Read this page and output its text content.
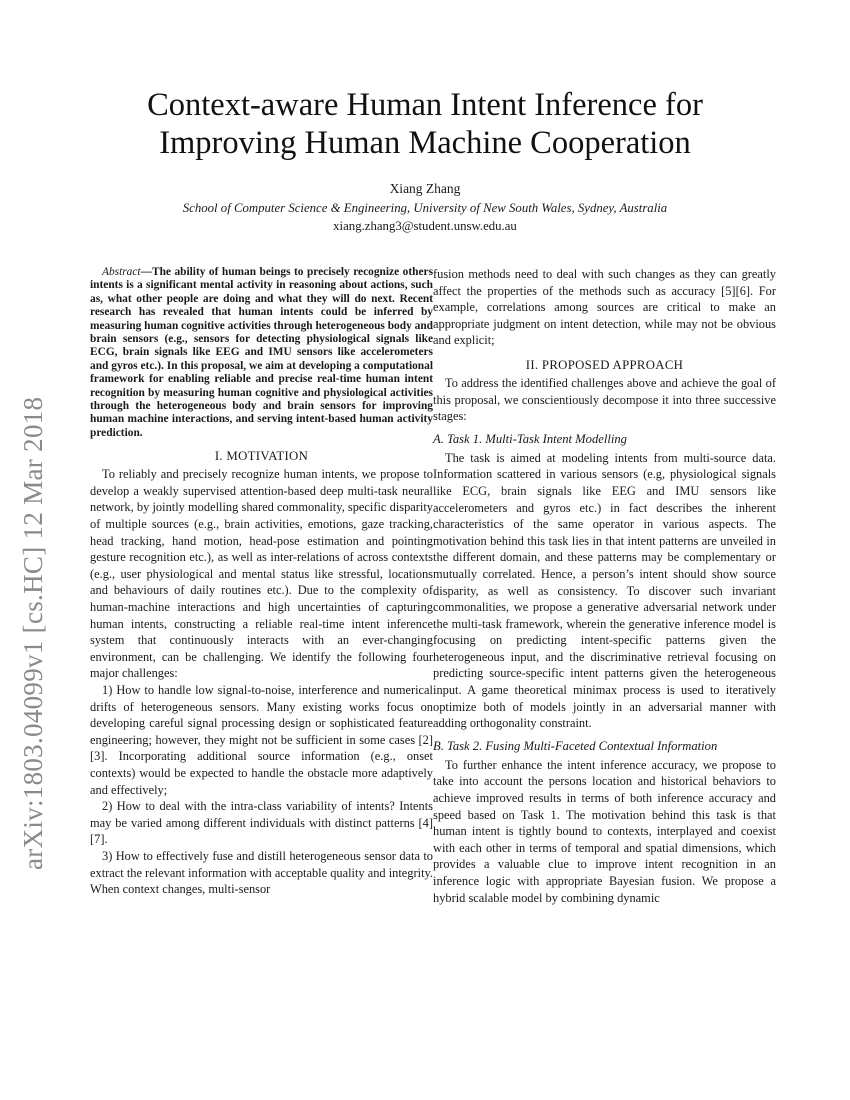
Context-aware Human Intent Inference for
Improving Human Machine Cooperation
Xiang Zhang
School of Computer Science & Engineering, University of New South Wales, Sydney, Australia
xiang.zhang3@student.unsw.edu.au
arXiv:1803.04099v1 [cs.HC] 12 Mar 2018
Abstract—The ability of human beings to precisely recognize others intents is a significant mental activity in reasoning about actions, such as, what other people are doing and what they will do next. Recent research has revealed that human intents could be inferred by measuring human cognitive activities through heterogeneous body and brain sensors (e.g., sensors for detecting physiological signals like ECG, brain signals like EEG and IMU sensors like accelerometers and gyros etc.). In this proposal, we aim at developing a computational framework for enabling reliable and precise real-time human intent recognition by measuring human cognitive and physiological activities through the heterogeneous body and brain sensors for improving human machine interactions, and serving intent-based human activity prediction.
I. MOTIVATION

To reliably and precisely recognize human intents, we propose to develop a weakly supervised attention-based deep multi-task neural network, by jointly modelling shared commonality, specific disparity of multiple sources (e.g., brain activities, emotions, gaze tracking, head tracking, hand motion, head-pose estimation and pointing gesture recognition etc.), as well as inter-relations of across contexts (e.g., user physiological and mental status like stressful, locations and behaviours of daily routines etc.). Due to the complexity of human-machine interactions and high uncertainties of capturing human intents, constructing a reliable real-time intent inference system that continuously interacts with an ever-changing environment, can be challenging. We identify the following four major challenges:

1) How to handle low signal-to-noise, interference and numerical drifts of heterogeneous sensors. Many existing works focus on developing careful signal processing design or sophisticated feature engineering; however, they might not be sufficient in some cases [2][3]. Incorporating additional source information (e.g., onset contexts) would be expected to handle the obstacle more adaptively and effectively;

2) How to deal with the intra-class variability of intents? Intents may be varied among different individuals with distinct patterns [4][7].

3) How to effectively fuse and distill heterogeneous sensor data to extract the relevant information with acceptable quality and integrity. When context changes, multi-sensor

fusion methods need to deal with such changes as they can greatly affect the properties of the methods such as accuracy [5][6]. For example, correlations among sources are critical to make an appropriate judgment on intent detection, while may not be obvious and explicit;

II. PROPOSED APPROACH

To address the identified challenges above and achieve the goal of this proposal, we conscientiously decompose it into three successive stages:

A. Task 1. Multi-Task Intent Modelling

The task is aimed at modeling intents from multi-source data. Information scattered in various sensors (e.g, physiological signals like ECG, brain signals like EEG and IMU sensors like accelerometers and gyros etc.) in fact describes the inherent characteristics of the same operator in various aspects. The motivation behind this task lies in that intent patterns are unveiled in the different domain, and these patterns may be complementary or mutually correlated. Hence, a person’s intent should show source disparity, as well as consistency. To discover such invariant commonalities, we propose a generative adversarial network under the multi-task framework, wherein the generative inference model is focusing on predicting intent-specific patterns given the heterogeneous input, and the discriminative retrieval focusing on predicting source-specific intent patterns given the heterogeneous input. A game theoretical minimax process is used to iteratively optimize both of models jointly in an adversarial manner with adding orthogonality constraint.

B. Task 2. Fusing Multi-Faceted Contextual Information

To further enhance the intent inference accuracy, we propose to take into account the persons location and historical behaviors to achieve improved results in terms of both inference accuracy and speed based on Task 1. The motivation behind this task is that human intent is tightly bound to contexts, interplayed and coexist with each other in terms of temporal and spatial dimensions, which provides a valuable clue to improve intent recognition in an inference logic with appropriate Bayesian fusion. We propose a hybrid scalable model by combining dynamic
